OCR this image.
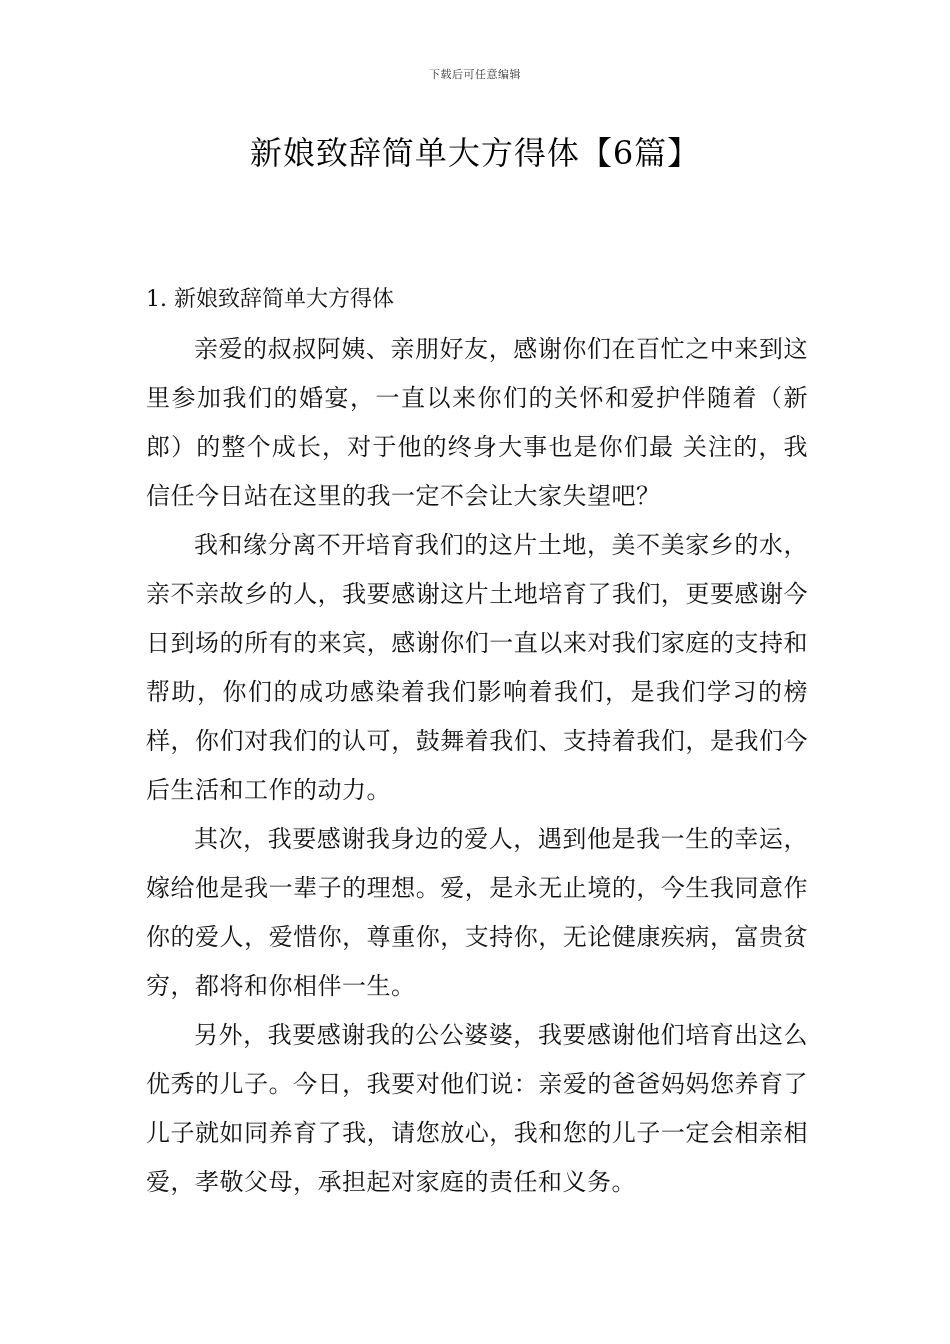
下载后可任意编辑
新娘致辞简单大方得体【6篇】
1. 新娘致辞简单大方得体

亲爱的叔叔阿姨、亲朋好友，感谢你们在百忙之中来到这里参加我们的婚宴，一直以来你们的关怀和爱护伴随着（新郎）的整个成长，对于他的终身大事也是你们最 关注的，我信任今日站在这里的我一定不会让大家失望吧？

我和缘分离不开培育我们的这片土地，美不美家乡的水，亲不亲故乡的人，我要感谢这片土地培育了我们，更要感谢今日到场的所有的来宾，感谢你们一直以来对我们家庭的支持和帮助，你们的成功感染着我们影响着我们，是我们学习的榜样，你们对我们的认可，鼓舞着我们、支持着我们，是我们今后生活和工作的动力。

其次，我要感谢我身边的爱人，遇到他是我一生的幸运，嫁给他是我一辈子的理想。爱，是永无止境的，今生我同意作你的爱人，爱惜你，尊重你，支持你，无论健康疾病，富贵贫穷，都将和你相伴一生。

另外，我要感谢我的公公婆婆，我要感谢他们培育出这么优秀的儿子。今日，我要对他们说：亲爱的爸爸妈妈您养育了儿子就如同养育了我，请您放心，我和您的儿子一定会相亲相爱，孝敬父母，承担起对家庭的责任和义务。
